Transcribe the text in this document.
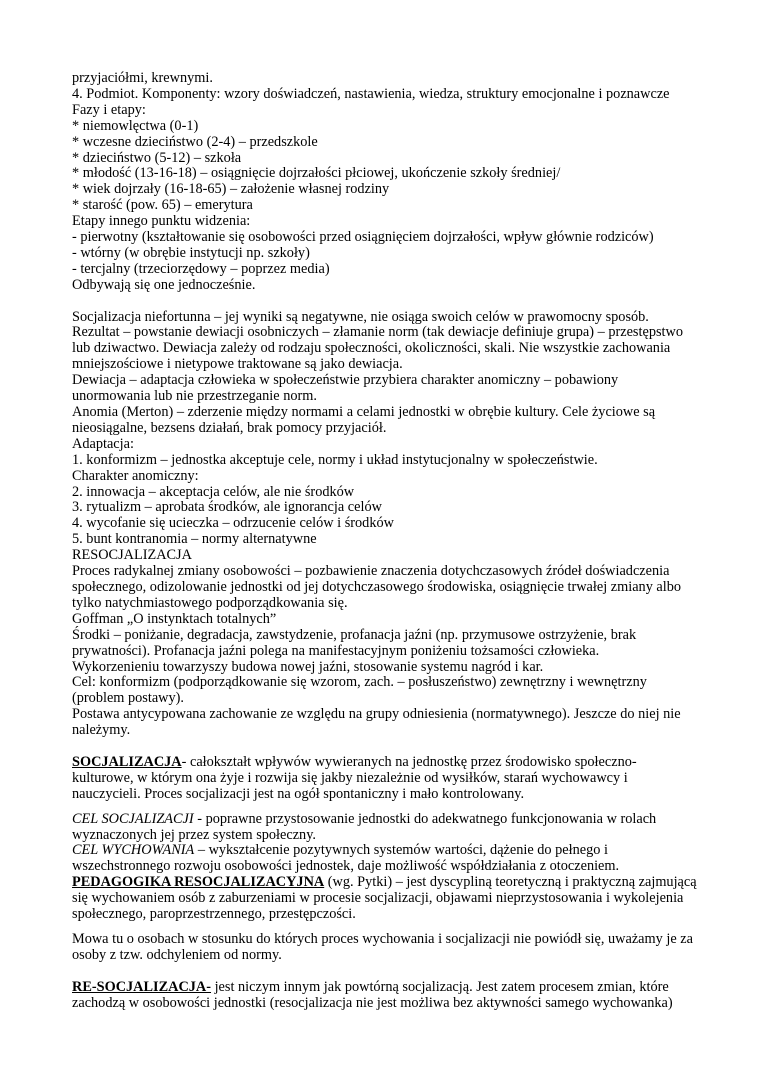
przyjaciółmi, krewnymi.
4. Podmiot. Komponenty: wzory doświadczeń, nastawienia, wiedza, struktury emocjonalne i poznawcze
Fazy i etapy:
* niemowlęctwa (0-1)
* wczesne dzieciństwo (2-4) – przedszkole
* dzieciństwo (5-12) – szkoła
* młodość (13-16-18) – osiągnięcie dojrzałości płciowej, ukończenie szkoły średniej/
* wiek dojrzały (16-18-65) – założenie własnej rodziny
* starość (pow. 65) – emerytura
Etapy innego punktu widzenia:
- pierwotny (kształtowanie się osobowości przed osiągnięciem dojrzałości, wpływ głównie rodziców)
- wtórny (w obrębie instytucji np. szkoły)
- tercjalny (trzeciorzędowy – poprzez media)
Odbywają się one jednocześnie.
Socjalizacja niefortunna – jej wyniki są negatywne, nie osiąga swoich celów w prawomocny sposób.
Rezultat – powstanie dewiacji osobniczych – złamanie norm (tak dewiacje definiuje grupa) – przestępstwo
lub dziwactwo. Dewiacja zależy od rodzaju społeczności, okoliczności, skali. Nie wszystkie zachowania
mniejszościowe i nietypowe traktowane są jako dewiacja.
Dewiacja – adaptacja człowieka w społeczeństwie przybiera charakter anomiczny – pobawiony
unormowania lub nie przestrzeganie norm.
Anomia (Merton) – zderzenie między normami a celami jednostki w obrębie kultury. Cele życiowe są
nieosiągalne, bezsens działań, brak pomocy przyjaciół.
Adaptacja:
1. konformizm – jednostka akceptuje cele, normy i układ instytucjonalny w społeczeństwie.
Charakter anomiczny:
2. innowacja – akceptacja celów, ale nie środków
3. rytualizm – aprobata środków, ale ignorancja celów
4. wycofanie się ucieczka – odrzucenie celów i środków
5. bunt kontranomia – normy alternatywne
RESOCJALIZACJA
Proces radykalnej zmiany osobowości – pozbawienie znaczenia dotychczasowych źródeł doświadczenia
społecznego, odizolowanie jednostki od jej dotychczasowego środowiska, osiągnięcie trwałej zmiany albo
tylko natychmiastowego podporządkowania się.
Goffman „O instynktach totalnych”
Środki – poniżanie, degradacja, zawstydzenie, profanacja jaźni (np. przymusowe ostrzyżenie, brak
prywatności). Profanacja jaźni polega na manifestacyjnym poniżeniu tożsamości człowieka.
Wykorzenieniu towarzyszy budowa nowej jaźni, stosowanie systemu nagród i kar.
Cel: konformizm (podporządkowanie się wzorom, zach. – posłuszeństwo) zewnętrzny i wewnętrzny
(problem postawy).
Postawa antycypowana zachowanie ze względu na grupy odniesienia (normatywnego). Jeszcze do niej nie
należymy.
SOCJALIZACJA- całokształt wpływów wywieranych na jednostkę przez środowisko społeczno-
kulturowe, w którym ona żyje i rozwija się jakby niezależnie od wysiłków, starań wychowawcy i
nauczycieli. Proces socjalizacji jest na ogół spontaniczny i mało kontrolowany.
CEL SOCJALIZACJI - poprawne przystosowanie jednostki do adekwatnego funkcjonowania w rolach
wyznaczonych jej przez system społeczny.
CEL WYCHOWANIA – wykształcenie pozytywnych systemów wartości, dążenie do pełnego i
wszechstronnego rozwoju osobowości jednostek, daje możliwość współdziałania z otoczeniem.
PEDAGOGIKA RESOCJALIZACYJNA (wg. Pytki) – jest dyscypliną teoretyczną i praktyczną zajmującą
się wychowaniem osób z zaburzeniami w procesie socjalizacji, objawami nieprzystosowania i wykolejenia
społecznego, paroprzestrzennego, przestępczości.
Mowa tu o osobach w stosunku do których proces wychowania i socjalizacji nie powiódł się, uważamy je za
osoby z tzw. odchyleniem od normy.
RE-SOCJALIZACJA- jest niczym innym jak powtórną socjalizacją. Jest zatem procesem zmian, które
zachodzą w osobowości jednostki (resocjalizacja nie jest możliwa bez aktywności samego wychowanka)
